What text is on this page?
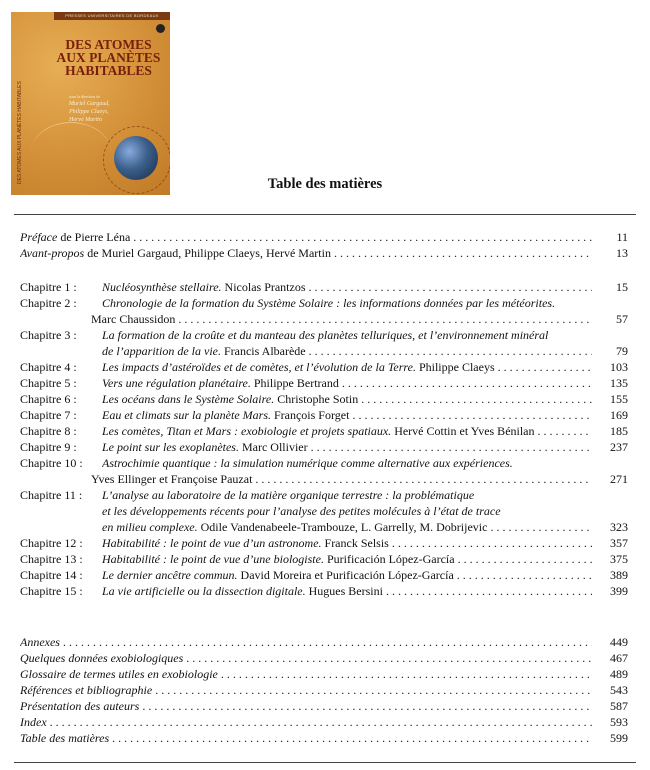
PRESSES UNIVERSITAIRES DE BORDEAUX
DES ATOMES AUX PLANÈTES HABITABLES
DES ATOMES
AUX PLANÈTES
HABITABLES
sous la direction de
Muriel Gargaud,
Philippe Claeys,
Hervé Martin
Table des matières
Préface de Pierre Léna . . .	11
Avant-propos de Muriel Gargaud, Philippe Claeys, Hervé Martin . . .	13
Chapitre 1 : Nucléosynthèse stellaire. Nicolas Prantzos . . .	15
Chapitre 2 : Chronologie de la formation du Système Solaire : les informations données par les météorites.
Marc Chaussidon . . .	57
Chapitre 3 : La formation de la croûte et du manteau des planètes telluriques, et l’environnement minéral
de l’apparition de la vie. Francis Albarède . . .	79
Chapitre 4 : Les impacts d’astéroïdes et de comètes, et l’évolution de la Terre. Philippe Claeys . . .	103
Chapitre 5 : Vers une régulation planétaire. Philippe Bertrand . . .	135
Chapitre 6 : Les océans dans le Système Solaire. Christophe Sotin . . .	155
Chapitre 7 : Eau et climats sur la planète Mars. François Forget . . .	169
Chapitre 8 : Les comètes, Titan et Mars : exobiologie et projets spatiaux. Hervé Cottin et Yves Bénilan . . .	185
Chapitre 9 : Le point sur les exoplanètes. Marc Ollivier . . .	237
Chapitre 10 : Astrochimie quantique : la simulation numérique comme alternative aux expériences.
Yves Ellinger et Françoise Pauzat . . .	271
Chapitre 11 : L’analyse au laboratoire de la matière organique terrestre : la problématique
et les développements récents pour l’analyse des petites molécules à l’état de trace
en milieu complexe. Odile Vandenabeele-Trambouze, L. Garrelly, M. Dobrijevic . . .	323
Chapitre 12 : Habitabilité : le point de vue d’un astronome. Franck Selsis . . .	357
Chapitre 13 : Habitabilité : le point de vue d’une biologiste. Purificación López-García . . .	375
Chapitre 14 : Le dernier ancêtre commun. David Moreira et Purificación López-García . . .	389
Chapitre 15 : La vie artificielle ou la dissection digitale. Hugues Bersini . . .	399
Annexes . . .	449
Quelques données exobiologiques . . .	467
Glossaire de termes utiles en exobiologie . . .	489
Références et bibliographie . . .	543
Présentation des auteurs . . .	587
Index . . .	593
Table des matières . . .	599
